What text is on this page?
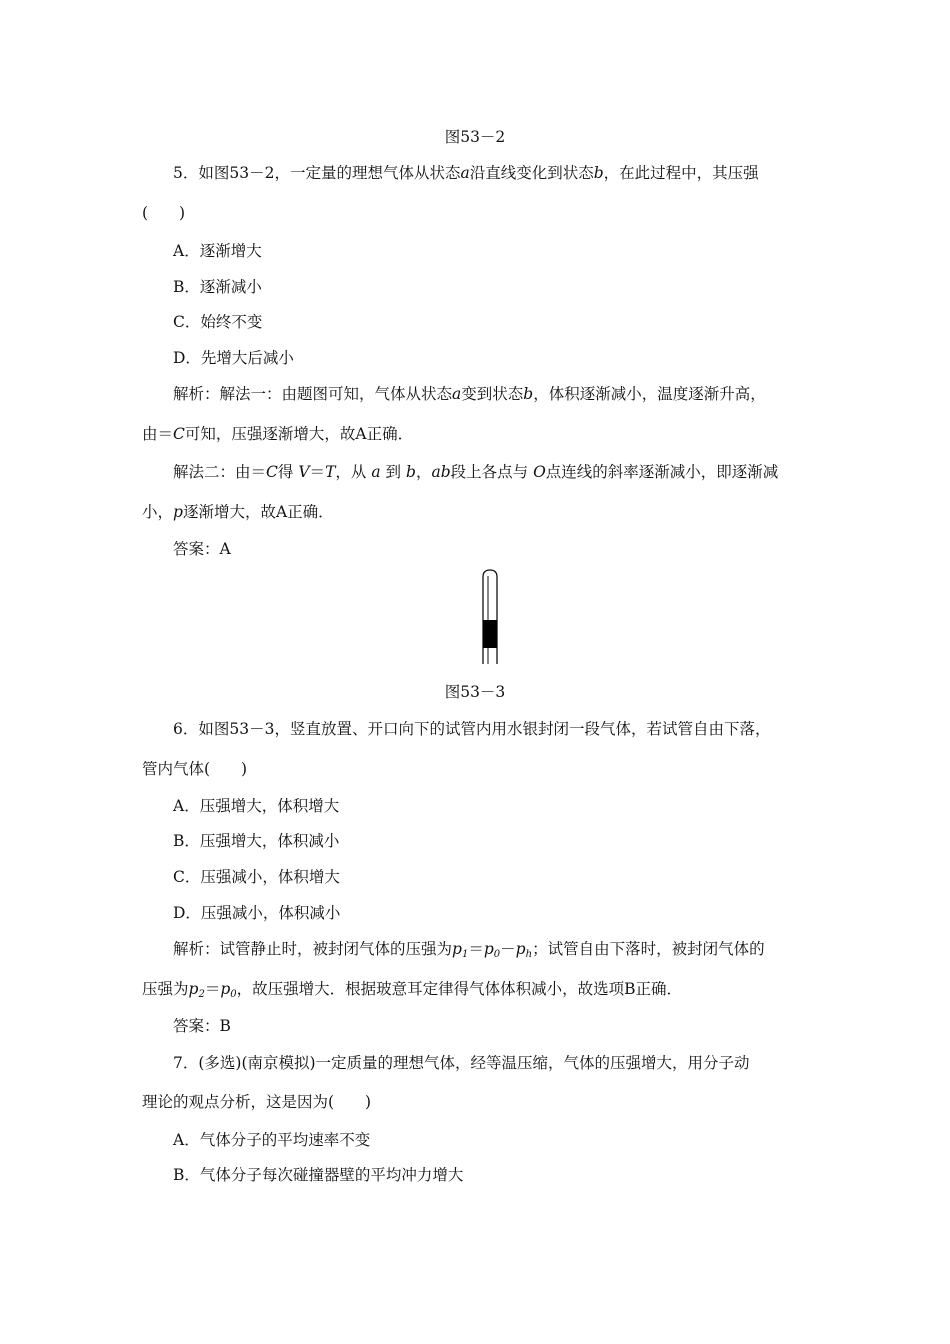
图53－2
5．如图53－2，一定量的理想气体从状态a沿直线变化到状态b，在此过程中，其压强
(　　)
A．逐渐增大
B．逐渐减小
C．始终不变
D．先增大后减小
解析：解法一：由题图可知，气体从状态a变到状态b，体积逐渐减小，温度逐渐升高，
由＝C可知，压强逐渐增大，故A正确．
解法二：由＝C得 V＝T，从 a 到 b，ab段上各点与 O点连线的斜率逐渐减小，即逐渐减
小，p逐渐增大，故A正确．
答案：A
图53－3
6．如图53－3，竖直放置、开口向下的试管内用水银封闭一段气体，若试管自由下落，
管内气体(　　)
A．压强增大，体积增大
B．压强增大，体积减小
C．压强减小，体积增大
D．压强减小，体积减小
解析：试管静止时，被封闭气体的压强为$p_1=p_0-p_h$；试管自由下落时，被封闭气体的
压强为$p_2=p_0$，故压强增大．根据玻意耳定律得气体体积减小，故选项B正确．
答案：B
7．(多选)(南京模拟)一定质量的理想气体，经等温压缩，气体的压强增大，用分子动
理论的观点分析，这是因为(　　)
A．气体分子的平均速率不变
B．气体分子每次碰撞器壁的平均冲力增大
